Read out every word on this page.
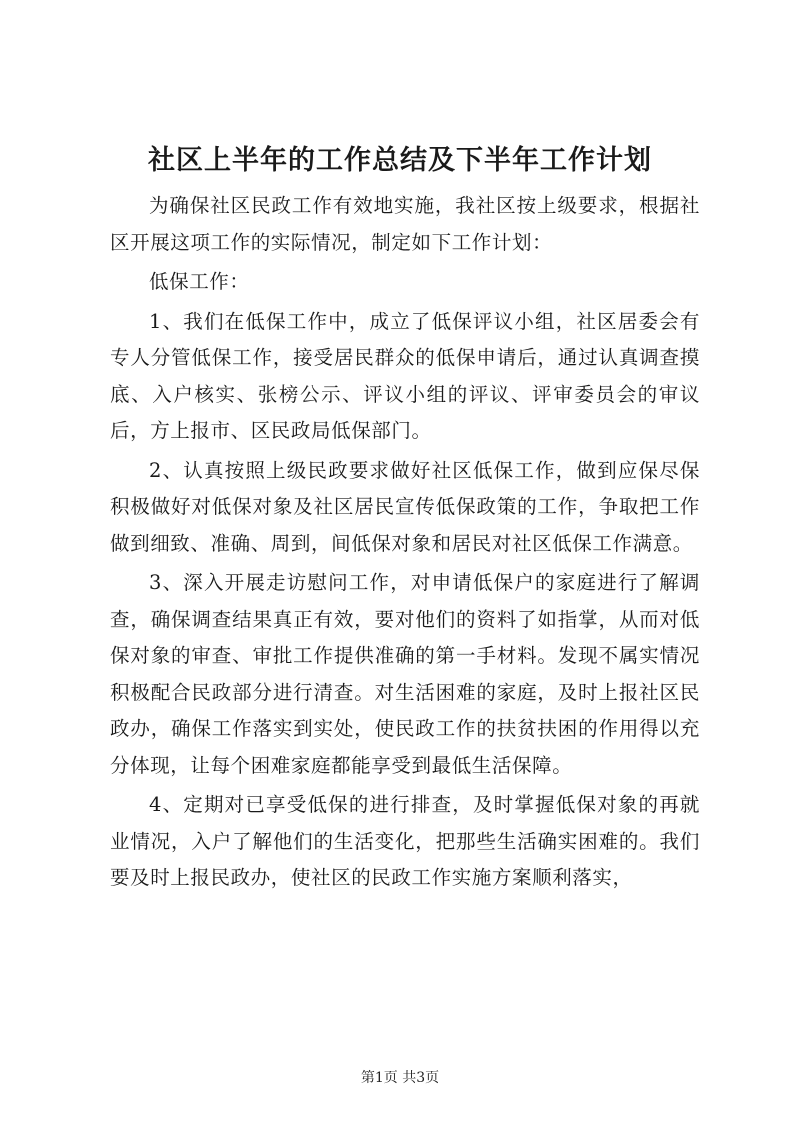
社区上半年的工作总结及下半年工作计划

为确保社区民政工作有效地实施，我社区按上级要求，根据社区开展这项工作的实际情况，制定如下工作计划：

低保工作：

1、我们在低保工作中，成立了低保评议小组，社区居委会有专人分管低保工作，接受居民群众的低保申请后，通过认真调查摸底、入户核实、张榜公示、评议小组的评议、评审委员会的审议后，方上报市、区民政局低保部门。

2、认真按照上级民政要求做好社区低保工作，做到应保尽保积极做好对低保对象及社区居民宣传低保政策的工作，争取把工作做到细致、准确、周到，间低保对象和居民对社区低保工作满意。

3、深入开展走访慰问工作，对申请低保户的家庭进行了解调查，确保调查结果真正有效，要对他们的资料了如指掌，从而对低保对象的审查、审批工作提供准确的第一手材料。发现不属实情况积极配合民政部分进行清查。对生活困难的家庭，及时上报社区民政办，确保工作落实到实处，使民政工作的扶贫扶困的作用得以充分体现，让每个困难家庭都能享受到最低生活保障。

4、定期对已享受低保的进行排查，及时掌握低保对象的再就业情况，入户了解他们的生活变化，把那些生活确实困难的。我们要及时上报民政办，使社区的民政工作实施方案顺利落实，

第1页 共3页
